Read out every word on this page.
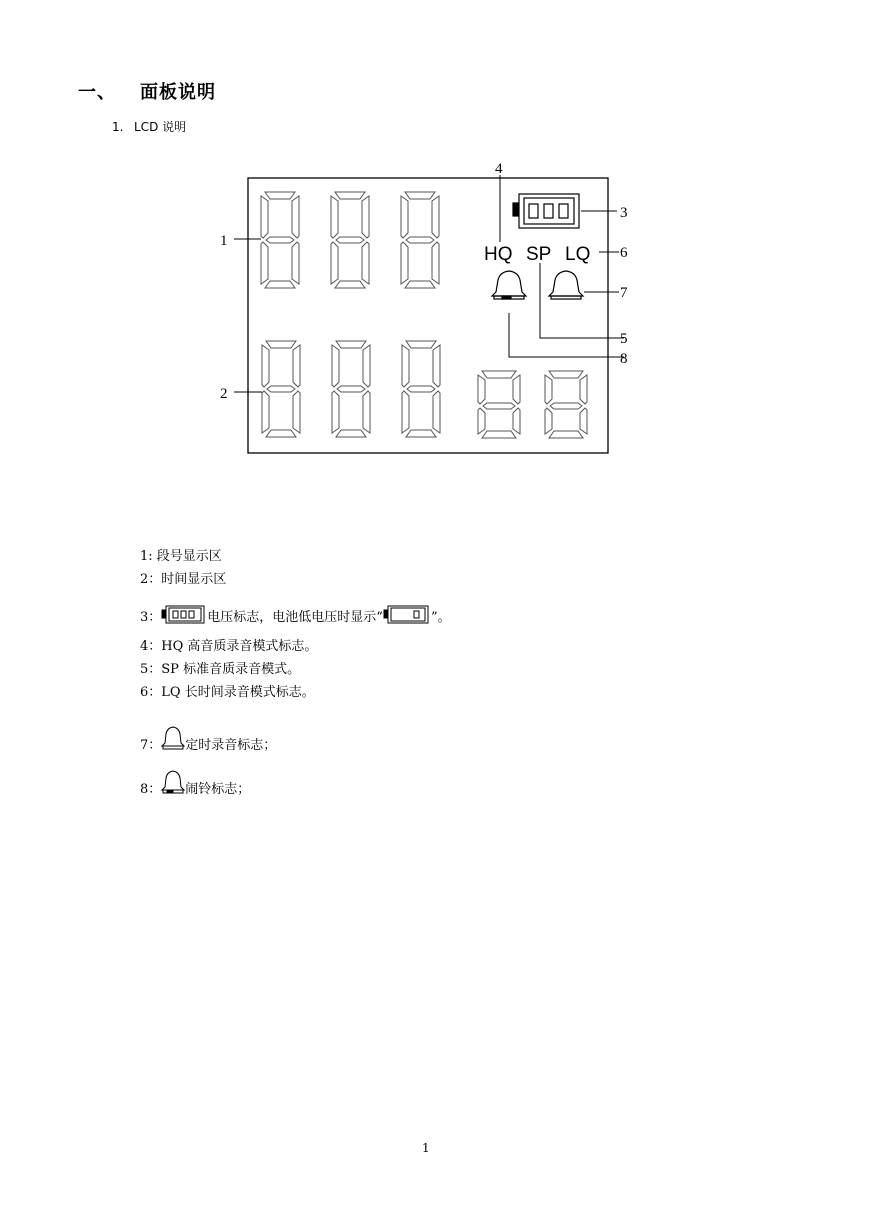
一、 面板说明
1. LCD 说明
HQ SP LQ
1
2
3
4
5
6
7
8
1: 段号显示区
2：时间显示区
3：	电压标志，电池低电压时显示“	”。
4：HQ 高音质录音模式标志。
5：SP 标准音质录音模式。
6：LQ 长时间录音模式标志。
7： 定时录音标志；
8： 闹铃标志；
1
